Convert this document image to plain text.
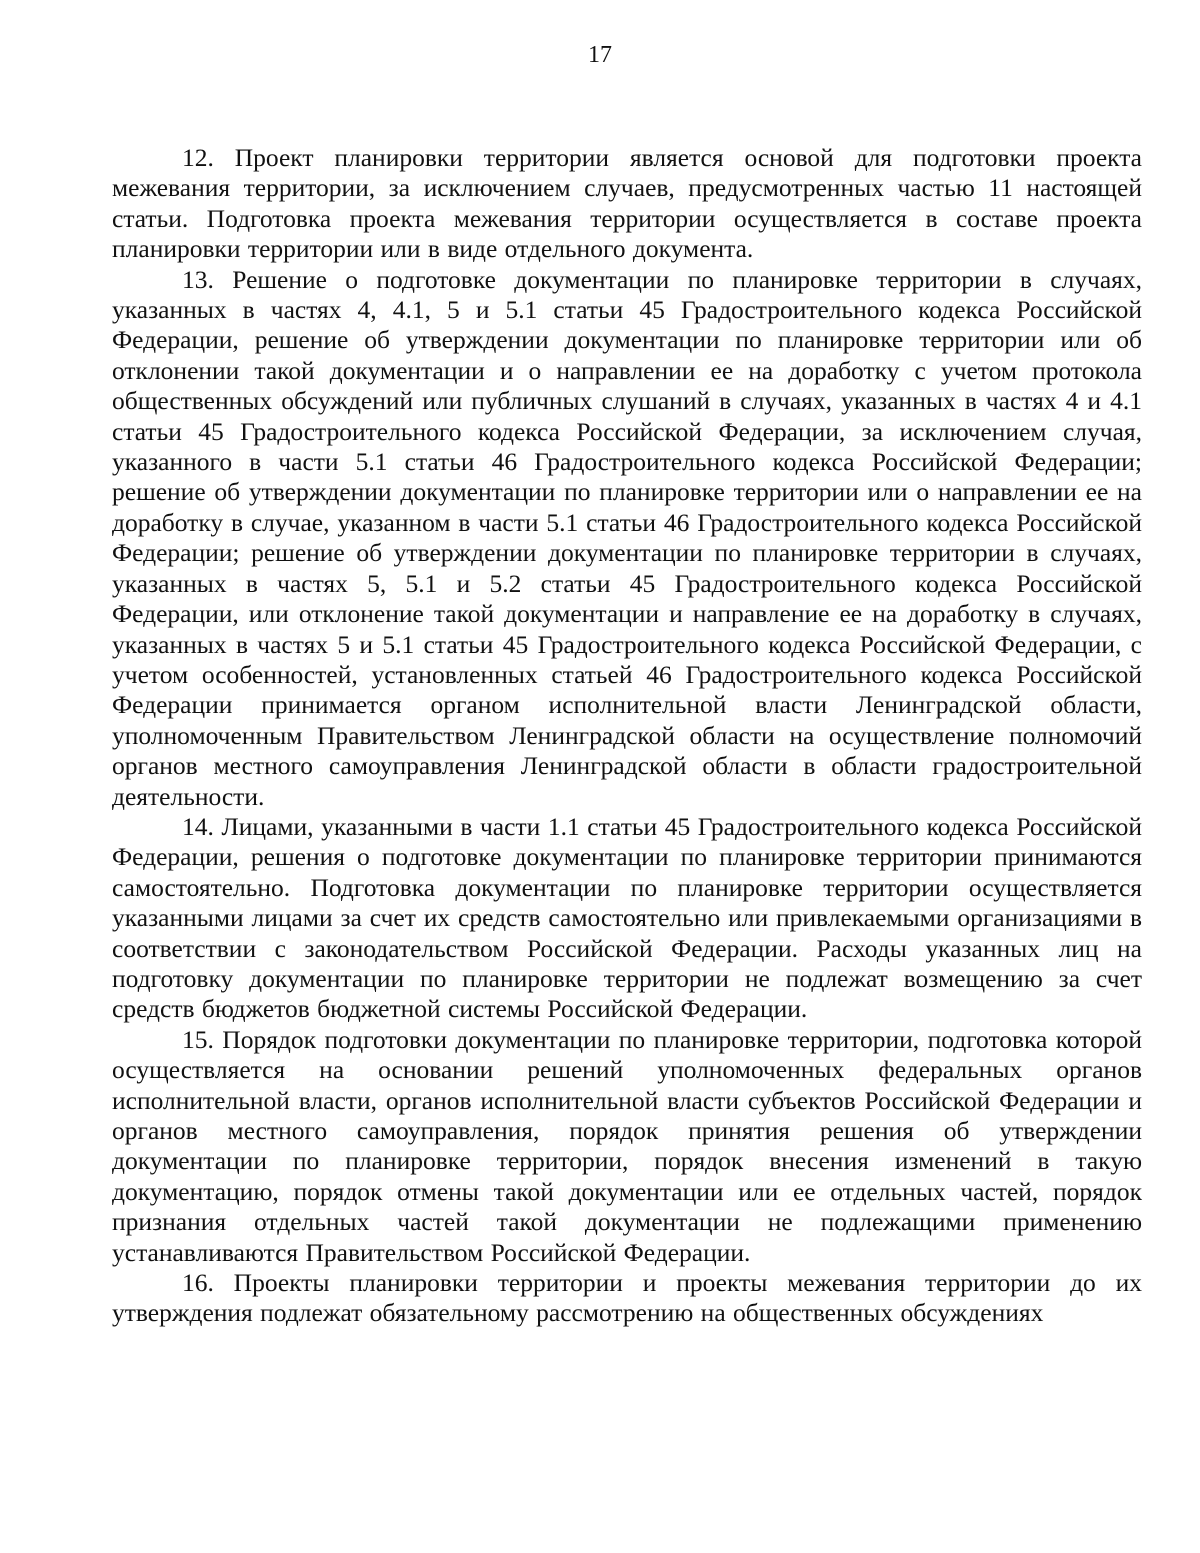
17

12. Проект планировки территории является основой для подготовки проекта межевания территории, за исключением случаев, предусмотренных частью 11 настоящей статьи. Подготовка проекта межевания территории осуществляется в составе проекта планировки территории или в виде отдельного документа.

13. Решение о подготовке документации по планировке территории в случаях, указанных в частях 4, 4.1, 5 и 5.1 статьи 45 Градостроительного кодекса Российской Федерации, решение об утверждении документации по планировке территории или об отклонении такой документации и о направлении ее на доработку с учетом протокола общественных обсуждений или публичных слушаний в случаях, указанных в частях 4 и 4.1 статьи 45 Градостроительного кодекса Российской Федерации, за исключением случая, указанного в части 5.1 статьи 46 Градостроительного кодекса Российской Федерации; решение об утверждении документации по планировке территории или о направлении ее на доработку в случае, указанном в части 5.1 статьи 46 Градостроительного кодекса Российской Федерации; решение об утверждении документации по планировке территории в случаях, указанных в частях 5, 5.1 и 5.2 статьи 45 Градостроительного кодекса Российской Федерации, или отклонение такой документации и направление ее на доработку в случаях, указанных в частях 5 и 5.1 статьи 45 Градостроительного кодекса Российской Федерации, с учетом особенностей, установленных статьей 46 Градостроительного кодекса Российской Федерации принимается органом исполнительной власти Ленинградской области, уполномоченным Правительством Ленинградской области на осуществление полномочий органов местного самоуправления Ленинградской области в области градостроительной деятельности.

14. Лицами, указанными в части 1.1 статьи 45 Градостроительного кодекса Российской Федерации, решения о подготовке документации по планировке территории принимаются самостоятельно. Подготовка документации по планировке территории осуществляется указанными лицами за счет их средств самостоятельно или привлекаемыми организациями в соответствии с законодательством Российской Федерации. Расходы указанных лиц на подготовку документации по планировке территории не подлежат возмещению за счет средств бюджетов бюджетной системы Российской Федерации.

15. Порядок подготовки документации по планировке территории, подготовка которой осуществляется на основании решений уполномоченных федеральных органов исполнительной власти, органов исполнительной власти субъектов Российской Федерации и органов местного самоуправления, порядок принятия решения об утверждении документации по планировке территории, порядок внесения изменений в такую документацию, порядок отмены такой документации или ее отдельных частей, порядок признания отдельных частей такой документации не подлежащими применению устанавливаются Правительством Российской Федерации.

16. Проекты планировки территории и проекты межевания территории до их утверждения подлежат обязательному рассмотрению на общественных обсуждениях
